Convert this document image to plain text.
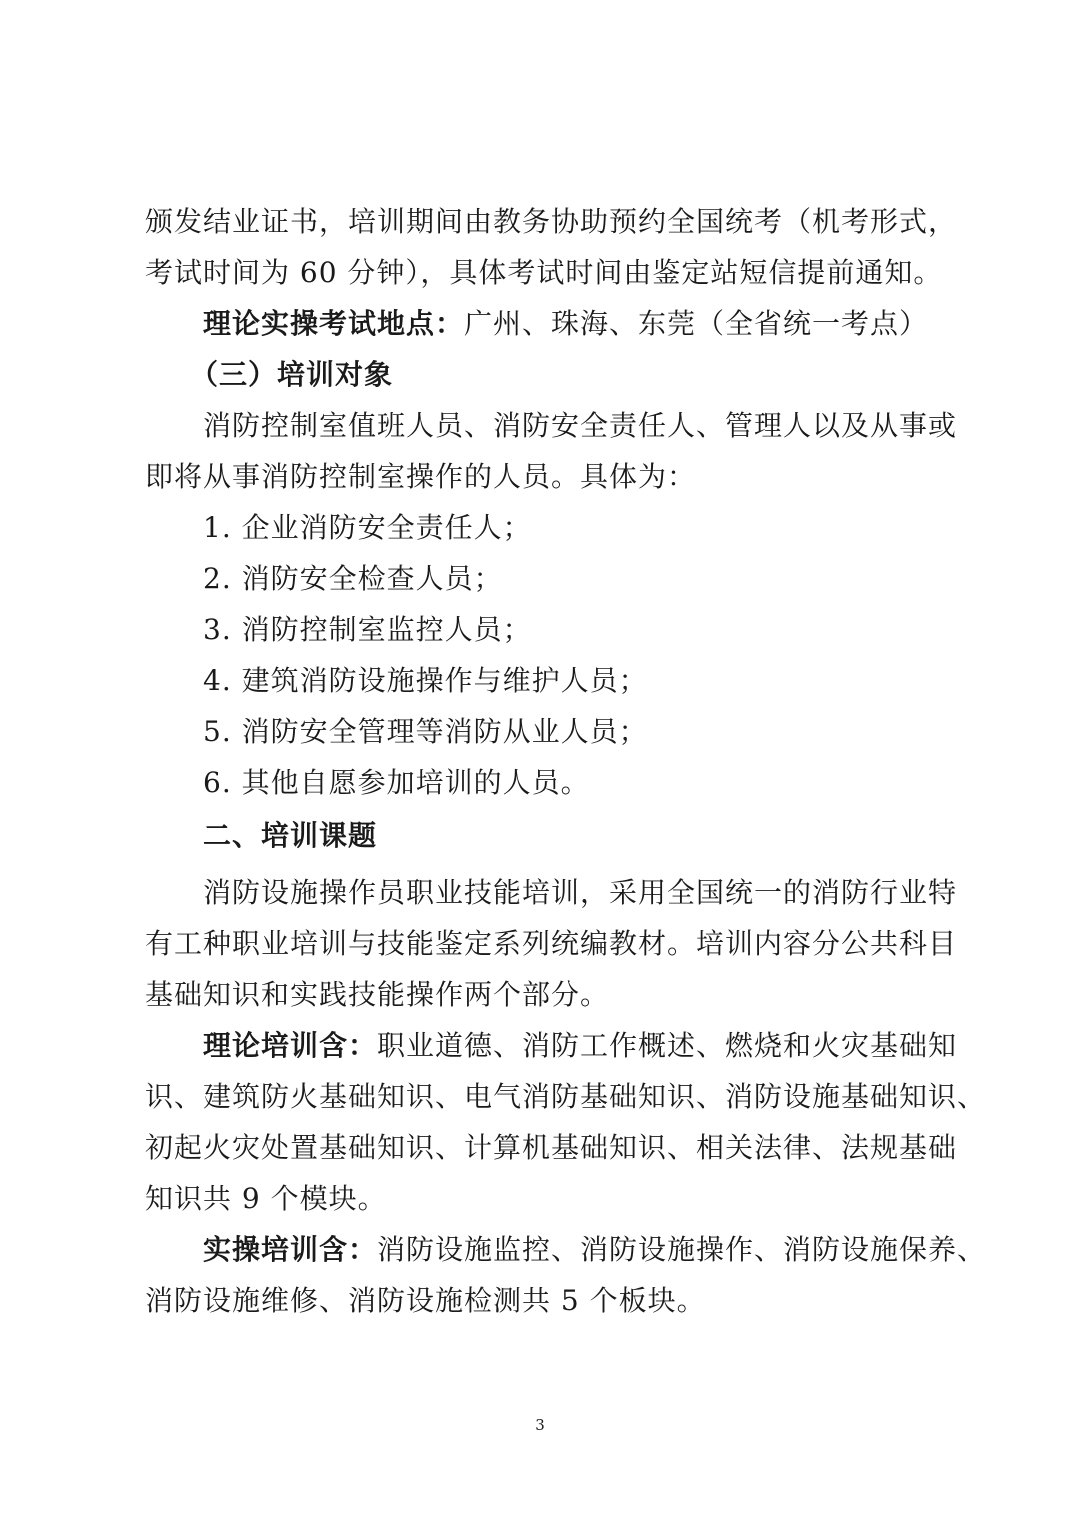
颁发结业证书，培训期间由教务协助预约全国统考（机考形式，
考试时间为 60 分钟），具体考试时间由鉴定站短信提前通知。
理论实操考试地点：广州、珠海、东莞（全省统一考点）
（三）培训对象
消防控制室值班人员、消防安全责任人、管理人以及从事或
即将从事消防控制室操作的人员。具体为：
1. 企业消防安全责任人；
2. 消防安全检查人员；
3. 消防控制室监控人员；
4. 建筑消防设施操作与维护人员；
5. 消防安全管理等消防从业人员；
6. 其他自愿参加培训的人员。
二、培训课题
消防设施操作员职业技能培训，采用全国统一的消防行业特
有工种职业培训与技能鉴定系列统编教材。培训内容分公共科目
基础知识和实践技能操作两个部分。
理论培训含：职业道德、消防工作概述、燃烧和火灾基础知
识、建筑防火基础知识、电气消防基础知识、消防设施基础知识、
初起火灾处置基础知识、计算机基础知识、相关法律、法规基础
知识共 9 个模块。
实操培训含：消防设施监控、消防设施操作、消防设施保养、
消防设施维修、消防设施检测共 5 个板块。
3
